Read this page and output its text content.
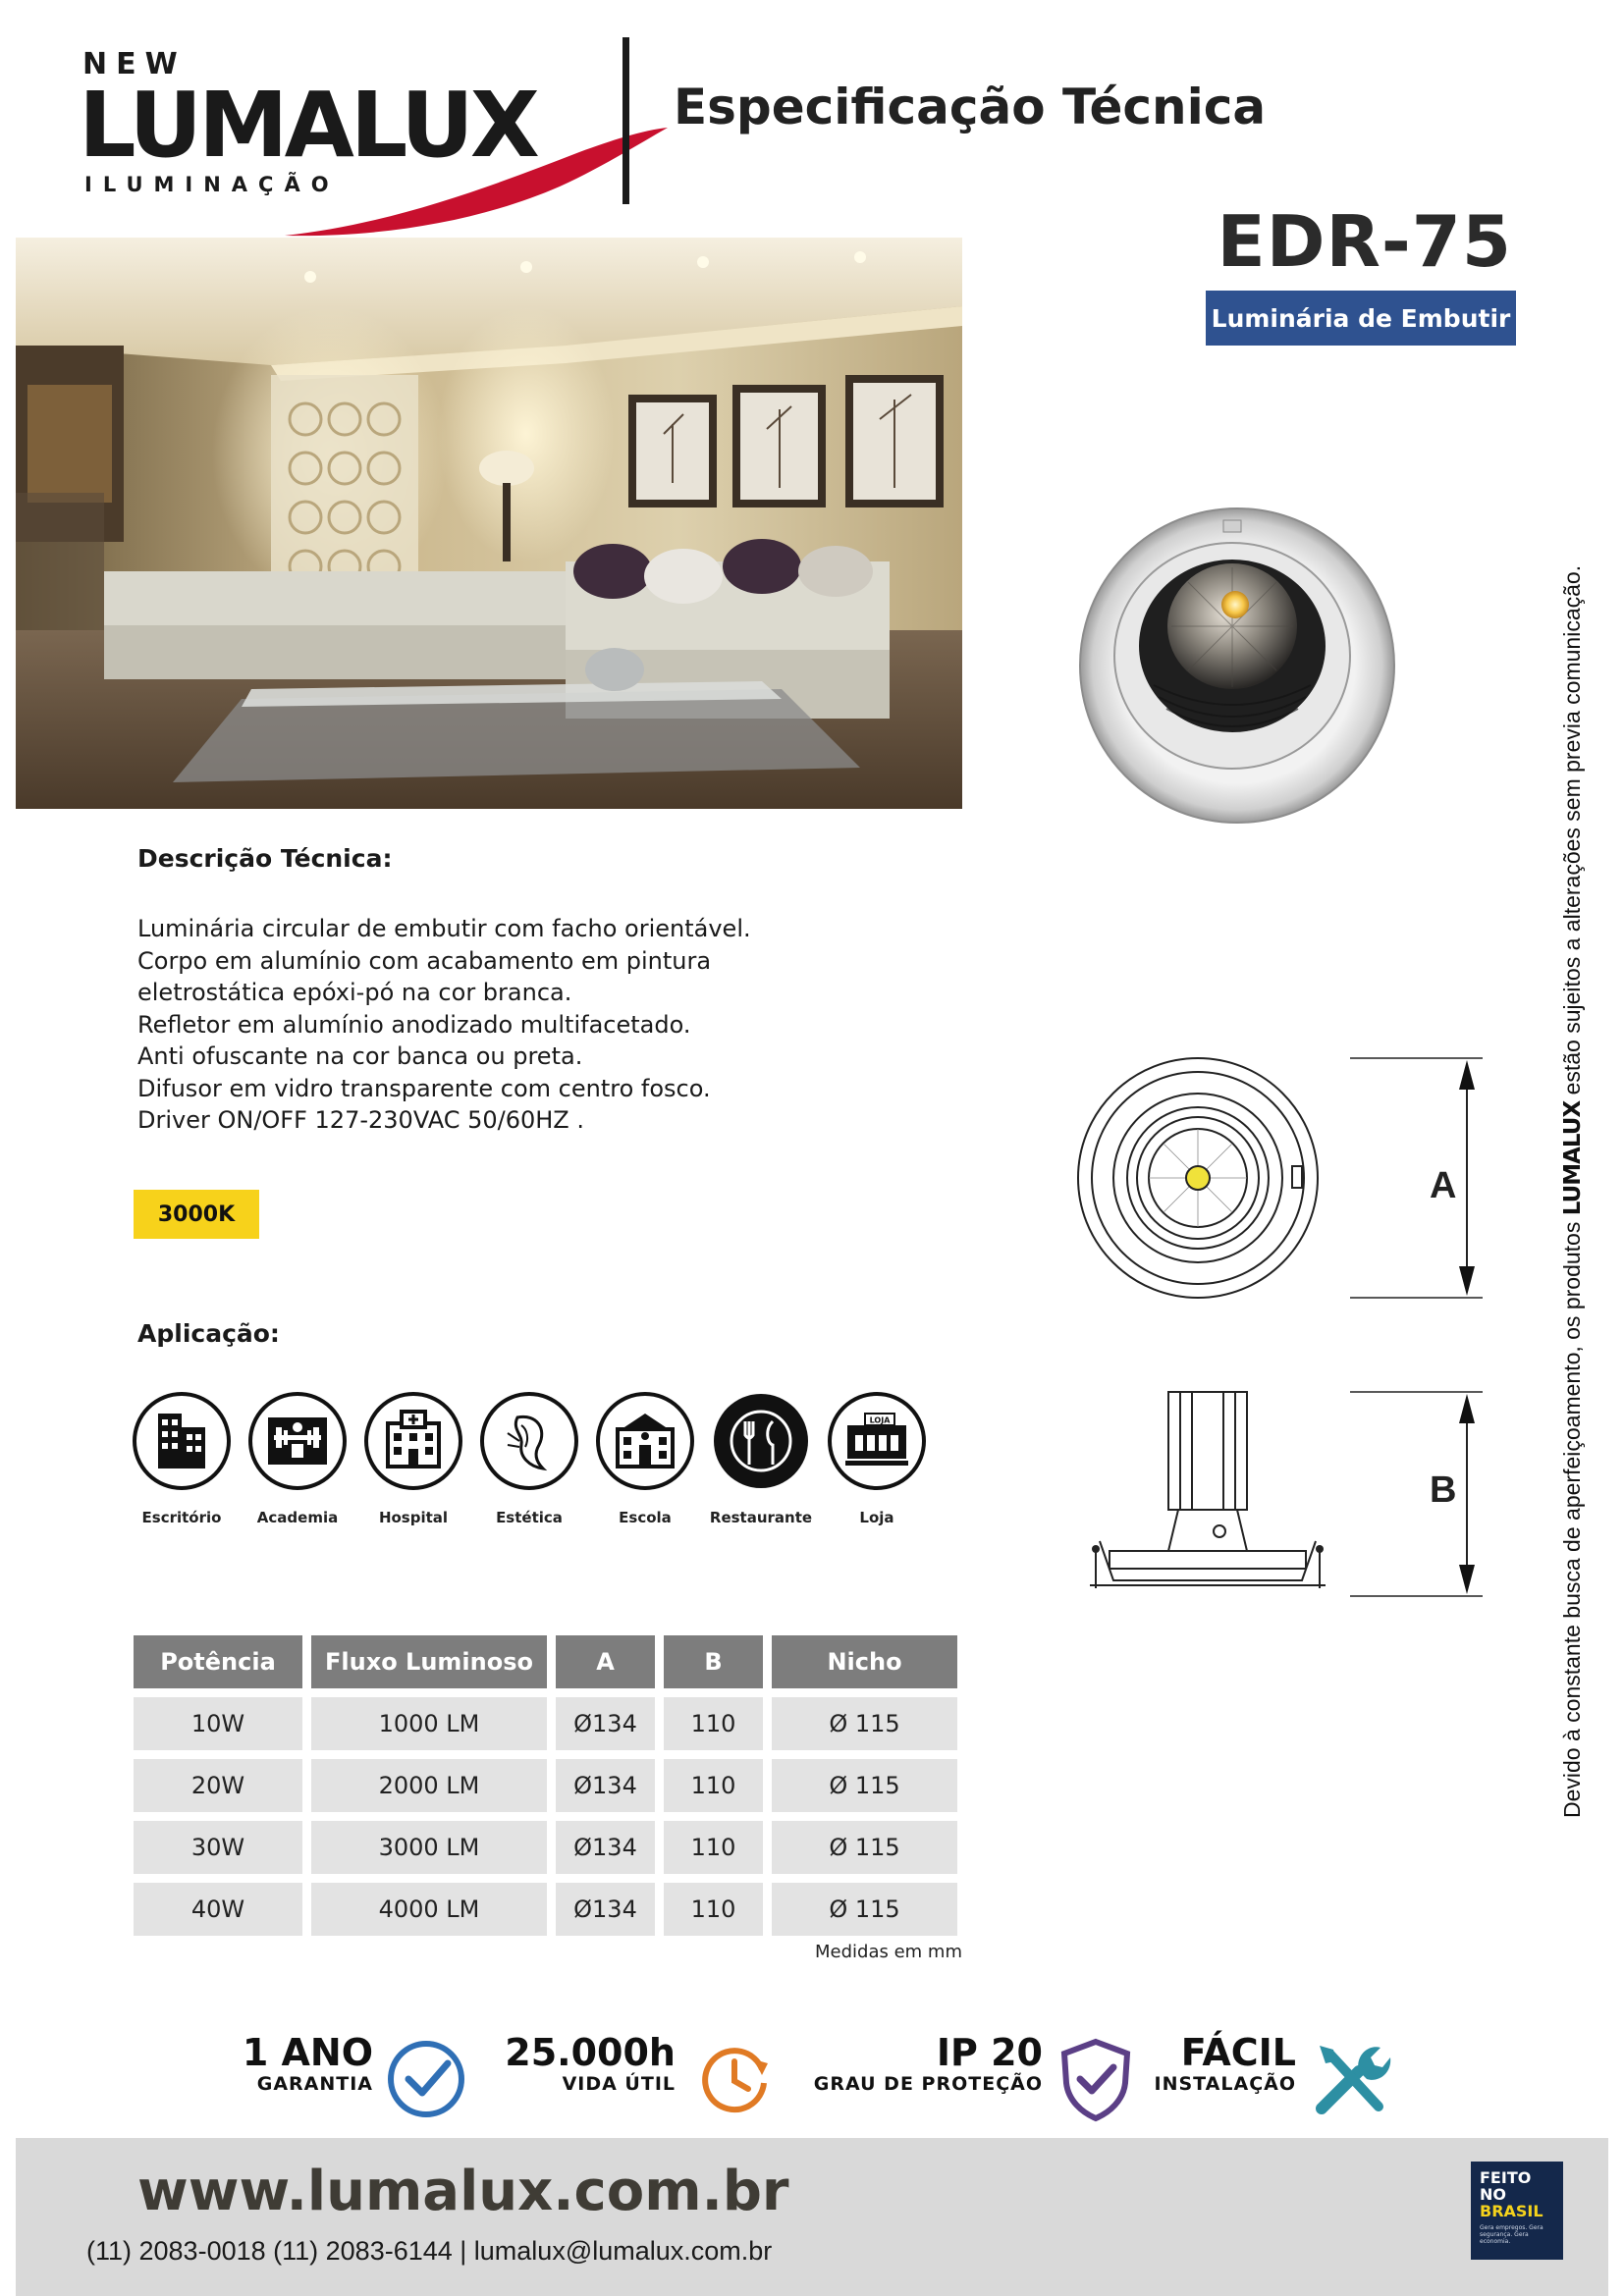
NEW
LUMALUX
ILUMINAÇÃO
Especificação Técnica
EDR-75
Luminária de Embutir
Devido à constante busca de aperfeiçoamento, os produtos LUMALUX estão sujeitos a alterações sem previa comunicação.
Descrição Técnica:
Luminária circular de embutir com facho orientável.
Corpo em alumínio com acabamento em pintura
eletrostática epóxi-pó na cor branca.
Refletor em alumínio anodizado multifacetado.
Anti ofuscante na cor banca ou preta.
Difusor em vidro transparente com centro fosco.
Driver ON/OFF 127-230VAC 50/60HZ .
3000K
Aplicação:
Escritório	Academia	Hospital	Estética	Escola	Restaurante
LOJA
Loja
A
B
Potência	Fluxo Luminoso	A	B	Nicho
10W	1000 LM	Ø134	110	Ø 115
20W	2000 LM	Ø134	110	Ø 115
30W	3000 LM	Ø134	110	Ø 115
40W	4000 LM	Ø134	110	Ø 115
Medidas em mm
1 ANO
GARANTIA
25.000h
VIDA ÚTIL
IP 20
GRAU DE PROTEÇÃO
FÁCIL
INSTALAÇÃO
www.lumalux.com.br
(11) 2083-0018 (11) 2083-6144 | lumalux@lumalux.com.br
FEITO
NO
BRASIL
Gera empregos. Gera segurança. Gera economia.
